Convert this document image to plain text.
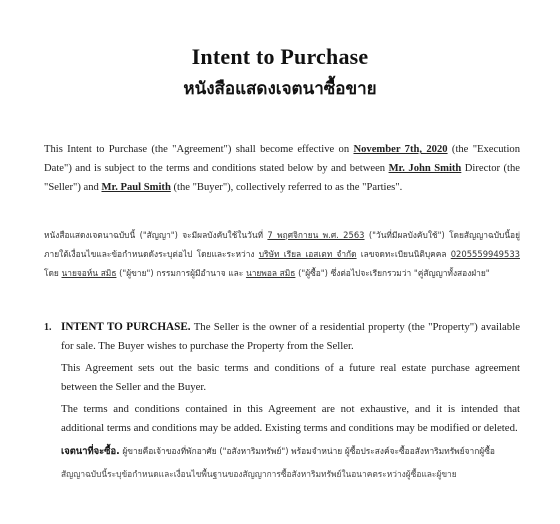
Intent to Purchase
หนังสือแสดงเจตนาซื้อขาย

This Intent to Purchase (the "Agreement") shall become effective on November 7th, 2020 (the "Execution Date") and is subject to the terms and conditions stated below by and between Mr. John Smith Director (the "Seller") and Mr. Paul Smith (the "Buyer"), collectively referred to as the "Parties".

หนังสือแสดงเจตนาฉบับนี้ ("สัญญา") จะมีผลบังคับใช้ในวันที่ 7 พฤศจิกายน พ.ศ. 2563 ("วันที่มีผลบังคับใช้") โดยสัญญาฉบับนี้อยู่ภายใต้เงื่อนไขและข้อกำหนดดังระบุต่อไป โดยและระหว่าง บริษัท เรียล เอสเตท จำกัด เลขจดทะเบียนนิติบุคคล 0205559949533 โดย นายจอห์น สมิธ ("ผู้ขาย") กรรมการผู้มีอำนาจ และ นายพอล สมิธ ("ผู้ซื้อ") ซึ่งต่อไปจะเรียกรวมว่า "คู่สัญญาทั้งสองฝ่าย"

1. INTENT TO PURCHASE. The Seller is the owner of a residential property (the "Property") available for sale. The Buyer wishes to purchase the Property from the Seller.

This Agreement sets out the basic terms and conditions of a future real estate purchase agreement between the Seller and the Buyer.

The terms and conditions contained in this Agreement are not exhaustive, and it is intended that additional terms and conditions may be added. Existing terms and conditions may be modified or deleted.

เจตนาที่จะซื้อ. ผู้ขายคือเจ้าของที่พักอาศัย ("อสังหาริมทรัพย์") พร้อมจำหน่าย ผู้ซื้อประสงค์จะซื้ออสังหาริมทรัพย์จากผู้ซื้อ

สัญญาฉบับนี้ระบุข้อกำหนดและเงื่อนไขพื้นฐานของสัญญาการซื้อสังหาริมทรัพย์ในอนาคตระหว่างผู้ซื้อและผู้ขาย
